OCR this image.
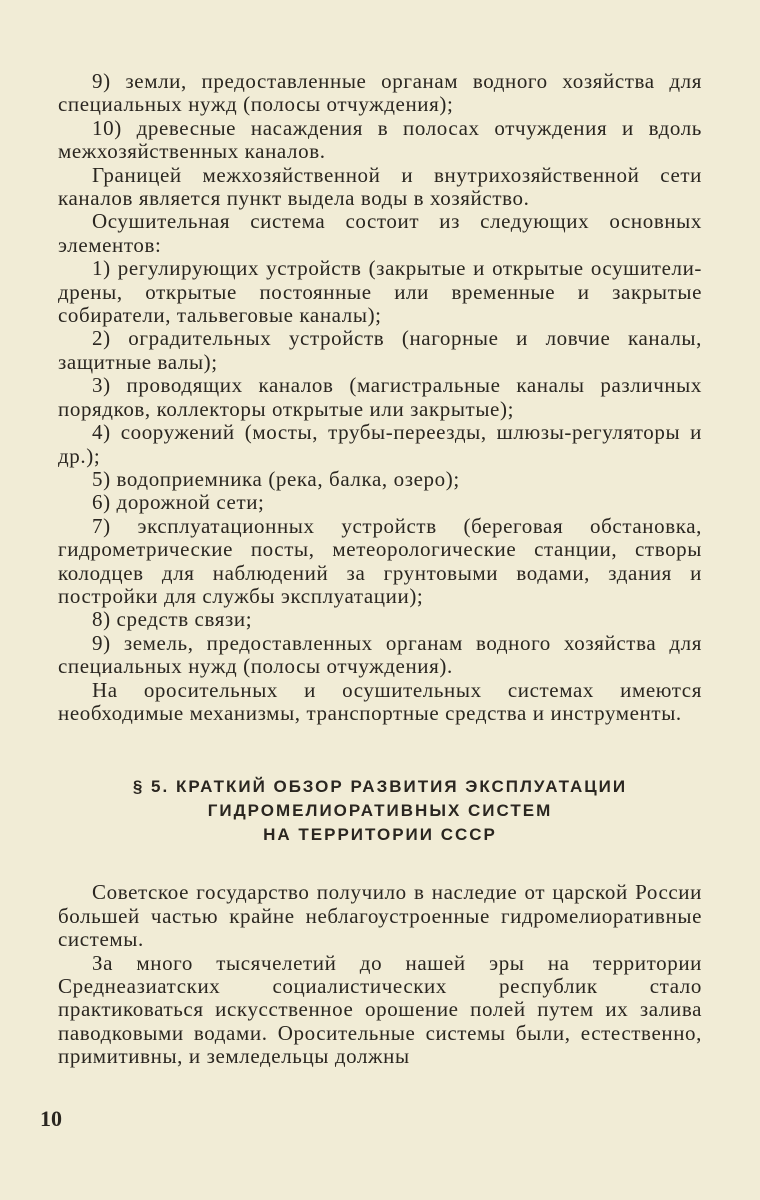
9) земли, предоставленные органам водного хозяйства для специальных нужд (полосы отчуждения);

10) древесные насаждения в полосах отчуждения и вдоль межхозяйственных каналов.

Границей межхозяйственной и внутрихозяйственной сети каналов является пункт выдела воды в хозяйство.

Осушительная система состоит из следующих основных элементов:

1) регулирующих устройств (закрытые и открытые осушители-дрены, открытые постоянные или временные и закрытые собиратели, тальвеговые каналы);

2) оградительных устройств (нагорные и ловчие каналы, защитные валы);

3) проводящих каналов (магистральные каналы различных порядков, коллекторы открытые или закрытые);

4) сооружений (мосты, трубы-переезды, шлюзы-регуляторы и др.);

5) водоприемника (река, балка, озеро);

6) дорожной сети;

7) эксплуатационных устройств (береговая обстановка, гидрометрические посты, метеорологические станции, створы колодцев для наблюдений за грунтовыми водами, здания и постройки для службы эксплуатации);

8) средств связи;

9) земель, предоставленных органам водного хозяйства для специальных нужд (полосы отчуждения).

На оросительных и осушительных системах имеются необходимые механизмы, транспортные средства и инструменты.

§ 5. КРАТКИЙ ОБЗОР РАЗВИТИЯ ЭКСПЛУАТАЦИИ
ГИДРОМЕЛИОРАТИВНЫХ СИСТЕМ
НА ТЕРРИТОРИИ СССР

Советское государство получило в наследие от царской России большей частью крайне неблагоустроенные гидромелиоративные системы.

За много тысячелетий до нашей эры на территории Среднеазиатских социалистических республик стало практиковаться искусственное орошение полей путем их залива паводковыми водами. Оросительные системы были, естественно, примитивны, и земледельцы должны

10
